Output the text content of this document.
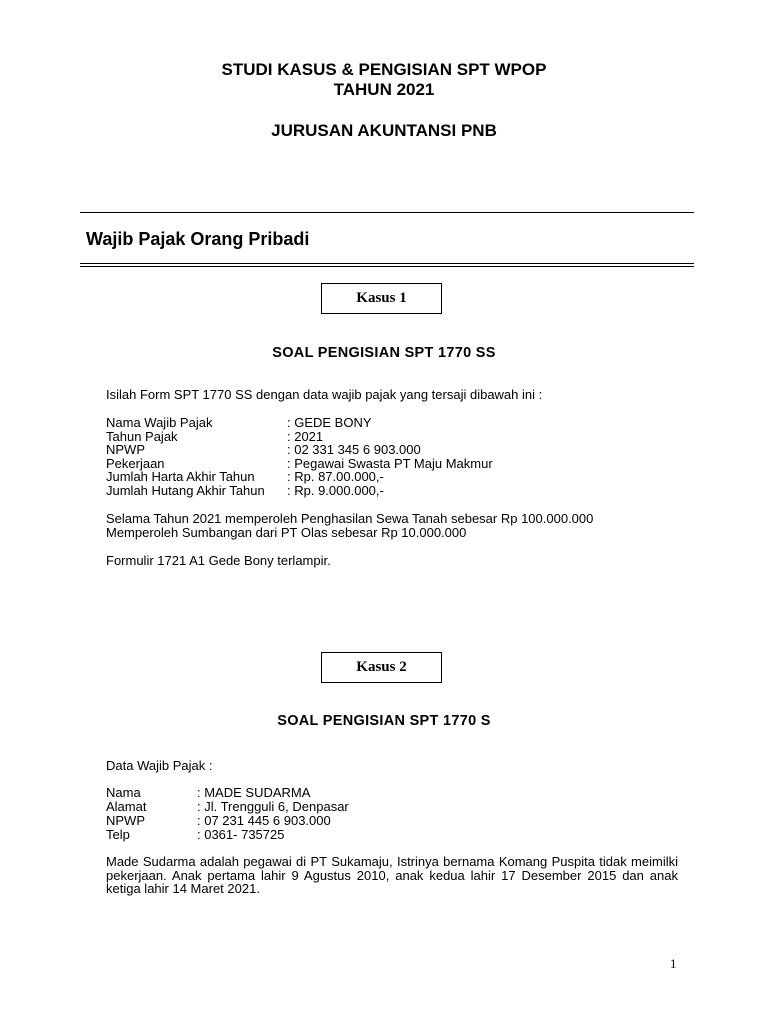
STUDI KASUS & PENGISIAN SPT WPOP
TAHUN 2021
JURUSAN AKUNTANSI PNB
Wajib Pajak Orang Pribadi
Kasus 1
SOAL PENGISIAN SPT 1770 SS
Isilah Form SPT 1770 SS dengan data wajib pajak yang tersaji dibawah ini :
Nama Wajib Pajak	: GEDE BONY
Tahun Pajak	: 2021
NPWP	: 02 331 345 6 903.000
Pekerjaan	: Pegawai Swasta PT Maju Makmur
Jumlah Harta Akhir Tahun : Rp. 87.00.000,-
Jumlah Hutang Akhir Tahun : Rp. 9.000.000,-
Selama Tahun 2021 memperoleh Penghasilan Sewa Tanah sebesar Rp 100.000.000
Memperoleh Sumbangan dari PT Olas sebesar Rp 10.000.000
Formulir 1721 A1 Gede Bony terlampir.
Kasus 2
SOAL PENGISIAN SPT 1770 S
Data Wajib Pajak :
Nama	: MADE SUDARMA
Alamat	: Jl. Trengguli 6, Denpasar
NPWP	: 07 231 445 6 903.000
Telp	: 0361- 735725
Made Sudarma adalah pegawai di PT Sukamaju, Istrinya bernama Komang Puspita tidak meimilki pekerjaan. Anak pertama lahir 9 Agustus 2010, anak kedua lahir 17 Desember 2015 dan anak ketiga lahir 14 Maret 2021.
1
